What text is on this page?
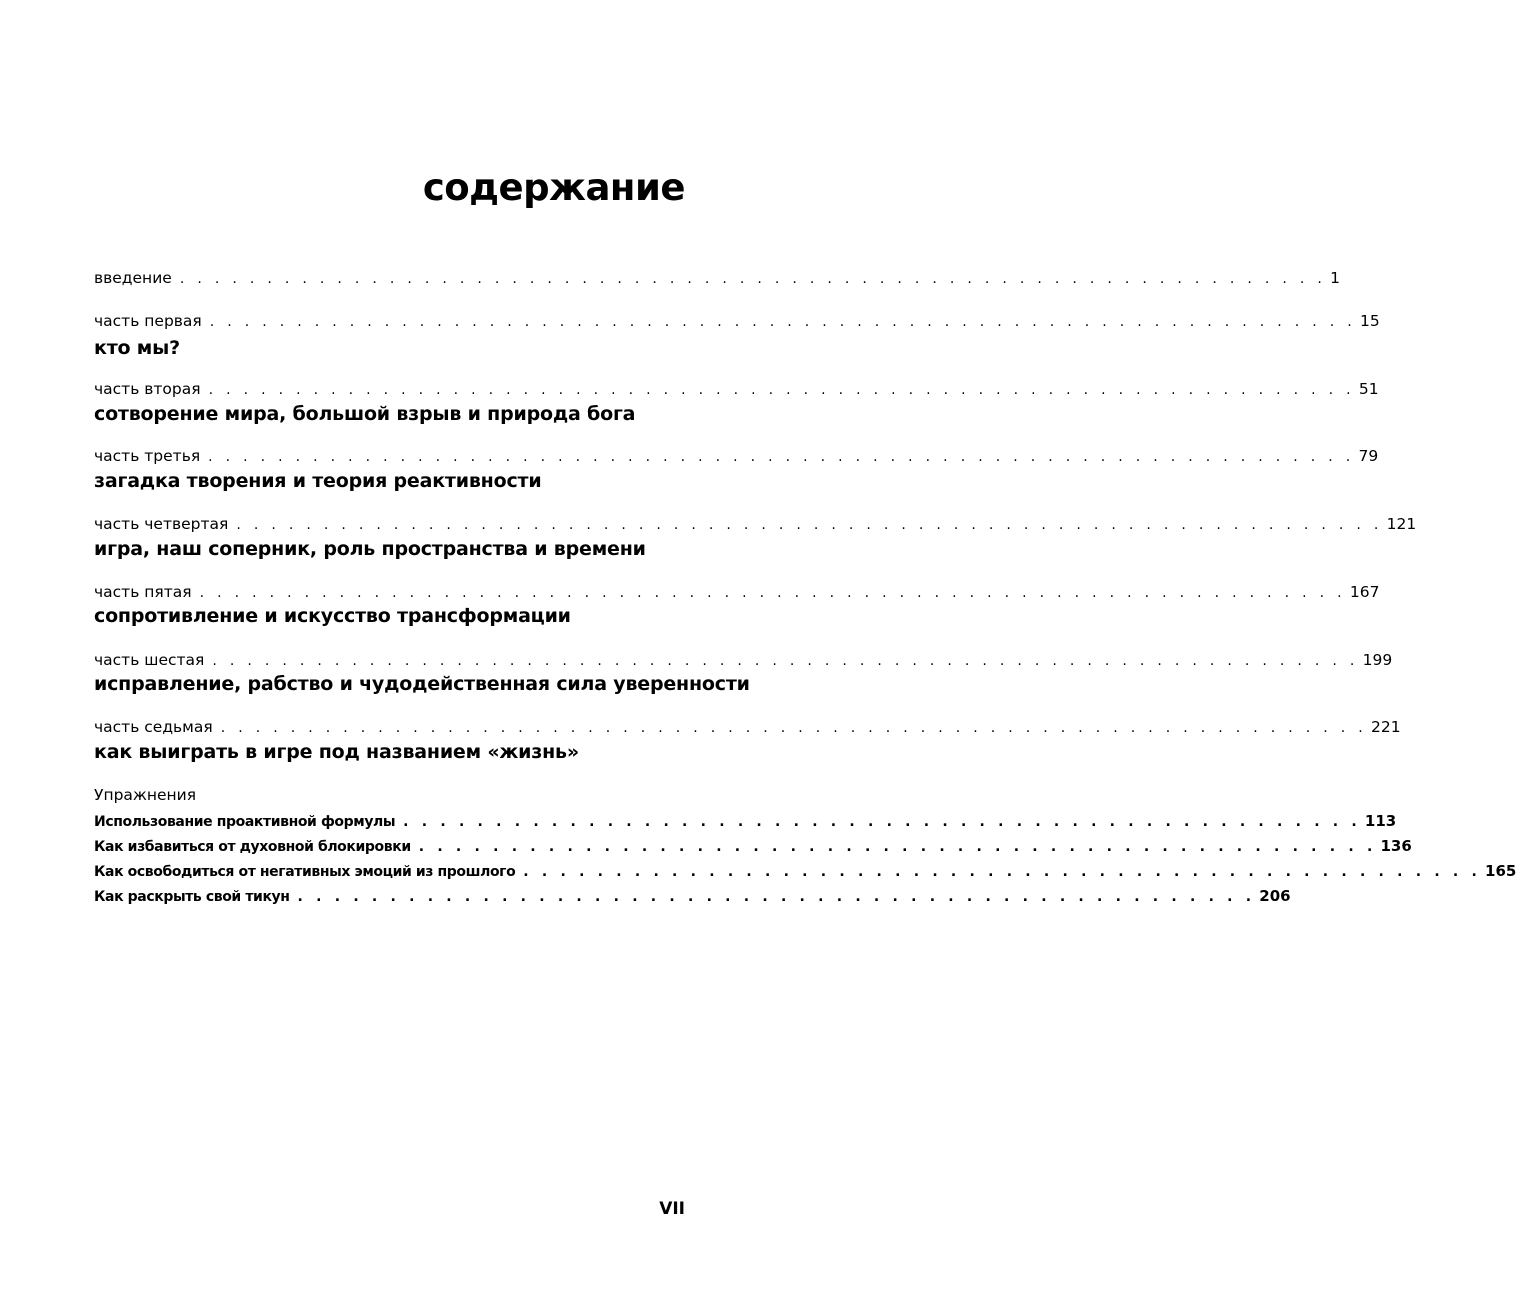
содержание
введение . . . . . . . . . . . . . . . . . . . . . . . . . . . . . . . . . . . . . . . . . . . . . . . . . . . . . . . . . . . . . . . . . . 1
часть первая . . . . . . . . . . . . . . . . . . . . . . . . . . . . . . . . . . . . . . . . . . . . . . . . . . . . . . . . . . . . . . . . . . 15
кто мы?
часть вторая . . . . . . . . . . . . . . . . . . . . . . . . . . . . . . . . . . . . . . . . . . . . . . . . . . . . . . . . . . . . . . . . . . 51
сотворение мира, большой взрыв и природа бога
часть третья . . . . . . . . . . . . . . . . . . . . . . . . . . . . . . . . . . . . . . . . . . . . . . . . . . . . . . . . . . . . . . . . . . 79
загадка творения и теория реактивности
часть четвертая . . . . . . . . . . . . . . . . . . . . . . . . . . . . . . . . . . . . . . . . . . . . . . . . . . . . . . . . . . . . . . . . . . 121
игра, наш соперник, роль пространства и времени
часть пятая . . . . . . . . . . . . . . . . . . . . . . . . . . . . . . . . . . . . . . . . . . . . . . . . . . . . . . . . . . . . . . . . . . 167
сопротивление и искусство трансформации
часть шестая . . . . . . . . . . . . . . . . . . . . . . . . . . . . . . . . . . . . . . . . . . . . . . . . . . . . . . . . . . . . . . . . . . 199
исправление, рабство и чудодейственная сила уверенности
часть седьмая . . . . . . . . . . . . . . . . . . . . . . . . . . . . . . . . . . . . . . . . . . . . . . . . . . . . . . . . . . . . . . . . . . 221
как выиграть в игре под названием «жизнь»
Упражнения
Использование проактивной формулы . . . . . . . . . . . . . . . . . . . . . . . . . . . . . . . . . . . . . . . . . . . . . . . . . . . . 113
Как избавиться от духовной блокировки . . . . . . . . . . . . . . . . . . . . . . . . . . . . . . . . . . . . . . . . . . . . . . . . . . . . 136
Как освободиться от негативных эмоций из прошлого . . . . . . . . . . . . . . . . . . . . . . . . . . . . . . . . . . . . . . . . . . . . . . . . . . . . 165
Как раскрыть свой тикун . . . . . . . . . . . . . . . . . . . . . . . . . . . . . . . . . . . . . . . . . . . . . . . . . . . . 206
VII
